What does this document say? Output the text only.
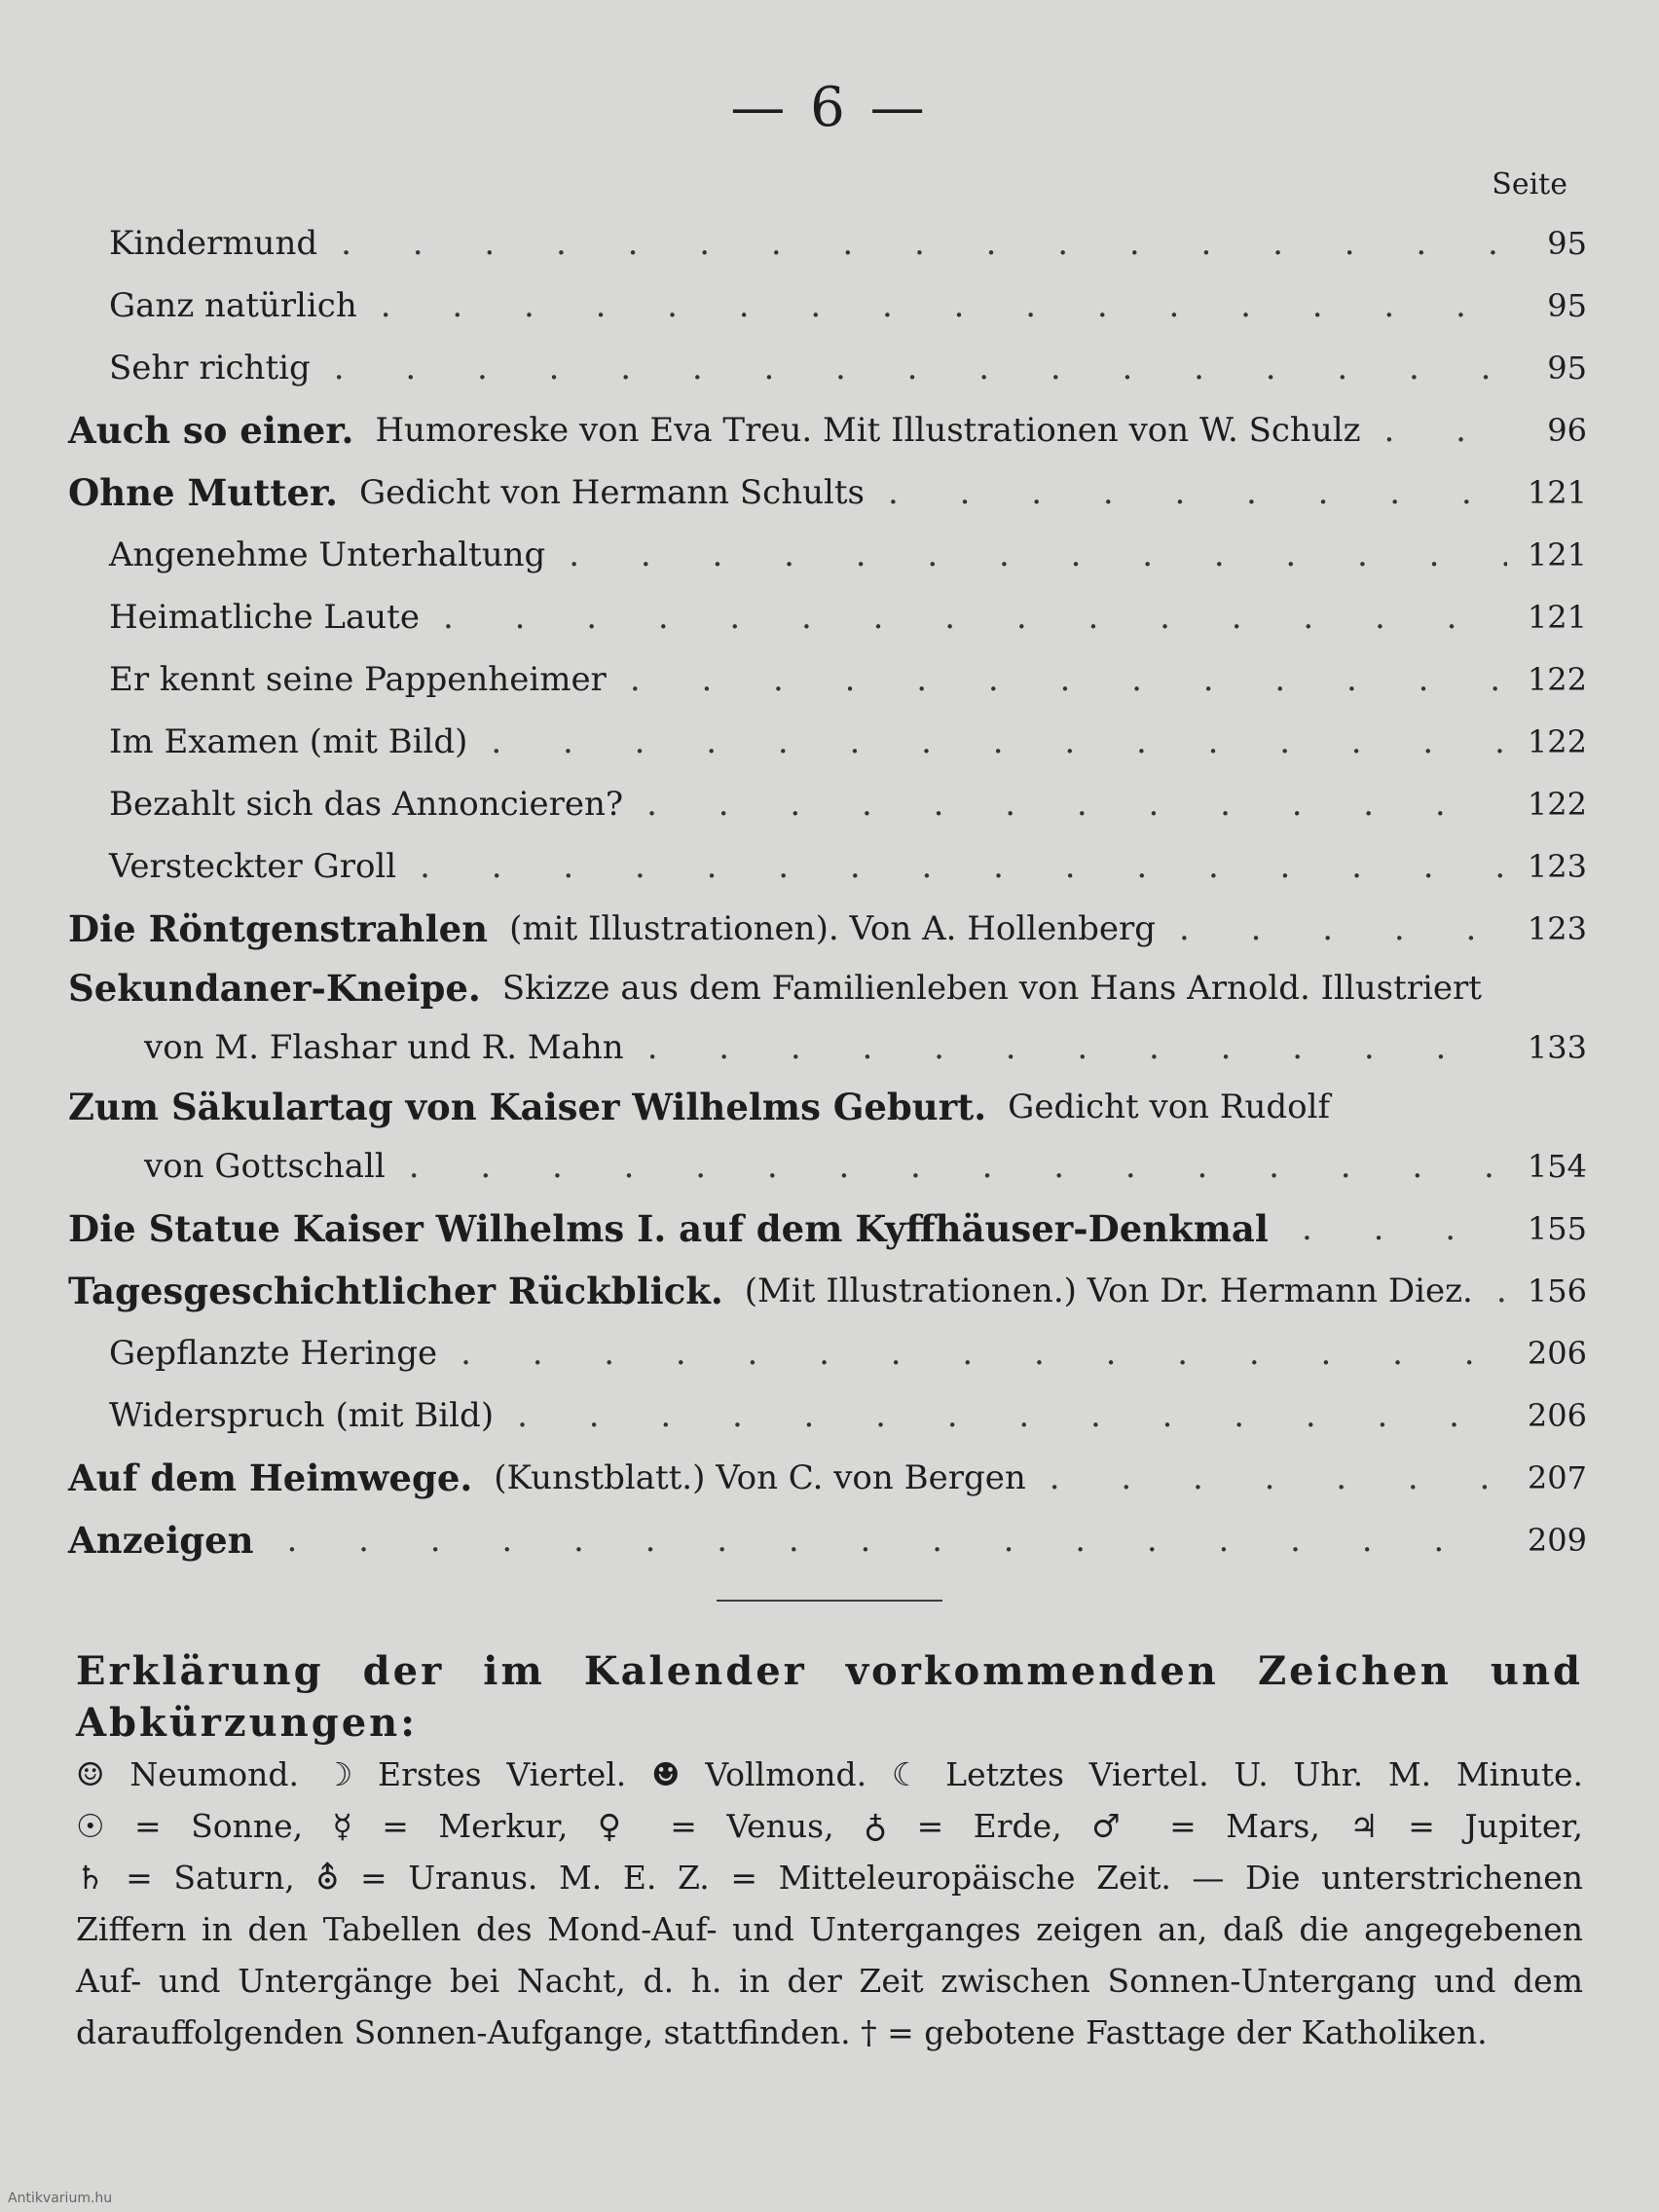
— 6 —
Seite
Kindermund . . .	95
Ganz natürlich . . .	95
Sehr richtig . . .	95
Auch so einer. Humoreske von Eva Treu. Mit Illustrationen von W. Schulz . . .	96
Ohne Mutter. Gedicht von Hermann Schults . . .	121
Angenehme Unterhaltung . . .	121
Heimatliche Laute . . .	121
Er kennt seine Pappenheimer . . .	122
Im Examen (mit Bild) . . .	122
Bezahlt sich das Annoncieren? . . .	122
Versteckter Groll . . .	123
Die Röntgenstrahlen (mit Illustrationen). Von A. Hollenberg . . .	123
Sekundaner-Kneipe. Skizze aus dem Familienleben von Hans Arnold. Illustriert
von M. Flashar und R. Mahn . . .	133
Zum Säkulartag von Kaiser Wilhelms Geburt. Gedicht von Rudolf
von Gottschall . . .	154
Die Statue Kaiser Wilhelms I. auf dem Kyffhäuser-Denkmal . . .	155
Tagesgeschichtlicher Rückblick. (Mit Illustrationen.) Von Dr. Hermann Diez. . . . 156
Gepflanzte Heringe . . .	206
Widerspruch (mit Bild) . . .	206
Auf dem Heimwege. (Kunstblatt.) Von C. von Bergen . . .	207
Anzeigen . . .	209

Erklärung der im Kalender vorkommenden Zeichen und Abkürzungen:

☺ Neumond. ☽ Erstes Viertel. ☻ Vollmond. ☾ Letztes Viertel. U. Uhr. M. Minute.

☉ = Sonne, ☿ = Merkur, ♀ = Venus, ♁ = Erde, ♂ = Mars, ♃ = Jupiter,

♄ = Saturn, ⛢ = Uranus. M. E. Z. = Mitteleuropäische Zeit. — Die unterstrichenen

Ziffern in den Tabellen des Mond-Auf- und Unterganges zeigen an, daß die angegebenen

Auf- und Untergänge bei Nacht, d. h. in der Zeit zwischen Sonnen-Untergang und dem

darauffolgenden Sonnen-Aufgange, stattfinden. † = gebotene Fasttage der Katholiken.

Antikvarium.hu
